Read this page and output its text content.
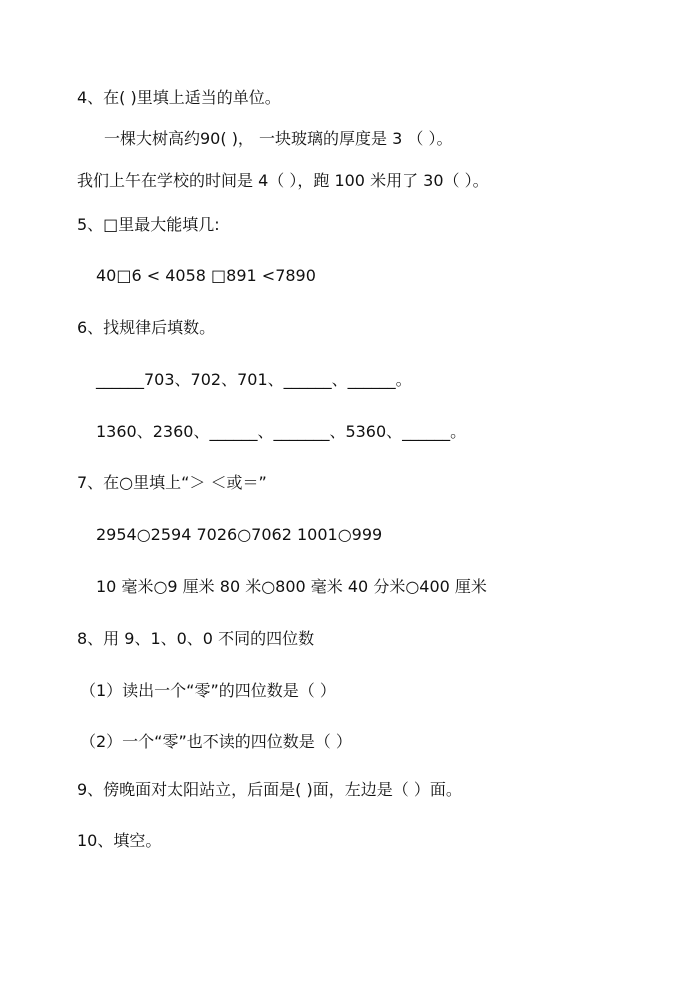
4、在( )里填上适当的单位。
一棵大树高约90( )， 一块玻璃的厚度是 3 （ ）。
我们上午在学校的时间是 4（ ），跑 100 米用了 30（ ）。
5、□里最大能填几:
40□6 < 4058 □891 <7890
6、找规律后填数。
______703、702、701、______、______。
1360、2360、______、_______、5360、______。
7、在○里填上“＞ ＜或＝”
2954○2594 7026○7062 1001○999
10 毫米○9 厘米 80 米○800 毫米 40 分米○400 厘米
8、用 9、1、0、0 不同的四位数
（1）读出一个“零”的四位数是（ ）
（2）一个“零”也不读的四位数是（ ）
9、傍晚面对太阳站立，后面是( )面，左边是（ ）面。
10、填空。
